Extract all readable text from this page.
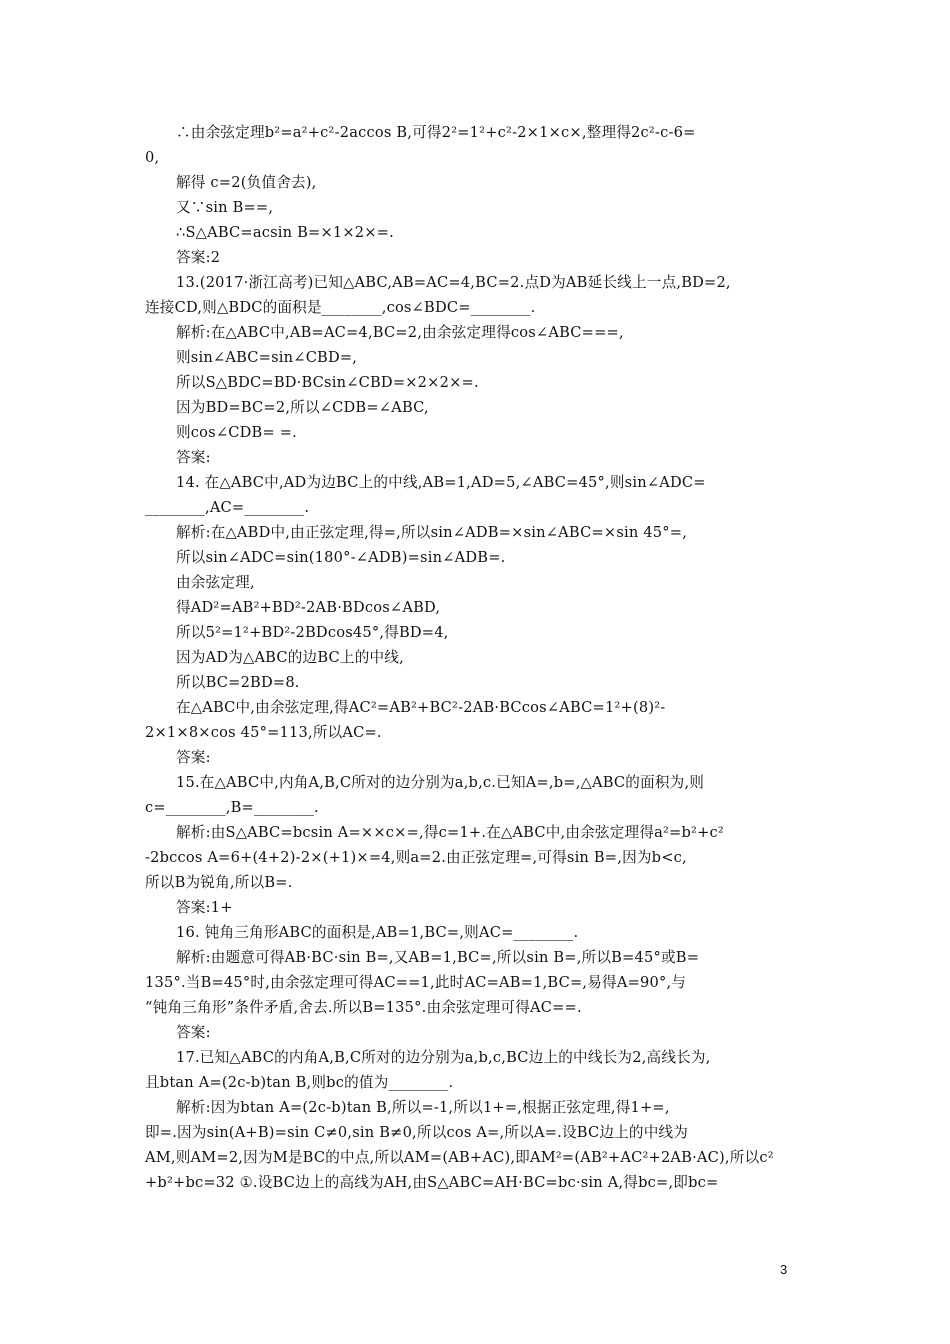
∴由余弦定理b²=a²+c²-2accos B,可得2²=1²+c²-2×1×c×,整理得2c²-c-6=
0,
解得 c=2(负值舍去),
又∵sin B==,
∴S△ABC=acsin B=×1×2×=.
答案:2
13.(2017·浙江高考)已知△ABC,AB=AC=4,BC=2.点D为AB延长线上一点,BD=2,
连接CD,则△BDC的面积是________,cos∠BDC=________.
解析:在△ABC中,AB=AC=4,BC=2,由余弦定理得cos∠ABC===,
则sin∠ABC=sin∠CBD=,
所以S△BDC=BD·BCsin∠CBD=×2×2×=.
因为BD=BC=2,所以∠CDB=∠ABC,
则cos∠CDB= =.
答案:
14. 在△ABC中,AD为边BC上的中线,AB=1,AD=5,∠ABC=45°,则sin∠ADC=
________,AC=________.
解析:在△ABD中,由正弦定理,得=,所以sin∠ADB=×sin∠ABC=×sin 45°=,
所以sin∠ADC=sin(180°-∠ADB)=sin∠ADB=.
由余弦定理,
得AD²=AB²+BD²-2AB·BDcos∠ABD,
所以5²=1²+BD²-2BDcos45°,得BD=4,
因为AD为△ABC的边BC上的中线,
所以BC=2BD=8.
在△ABC中,由余弦定理,得AC²=AB²+BC²-2AB·BCcos∠ABC=1²+(8)²-
2×1×8×cos 45°=113,所以AC=.
答案:
15.在△ABC中,内角A,B,C所对的边分别为a,b,c.已知A=,b=,△ABC的面积为,则
c=________,B=________.
解析:由S△ABC=bcsin A=××c×=,得c=1+.在△ABC中,由余弦定理得a²=b²+c²
-2bccos A=6+(4+2)-2×(+1)×=4,则a=2.由正弦定理=,可得sin B=,因为b<c,
所以B为锐角,所以B=.
答案:1+
16. 钝角三角形ABC的面积是,AB=1,BC=,则AC=________.
解析:由题意可得AB·BC·sin B=,又AB=1,BC=,所以sin B=,所以B=45°或B=
135°.当B=45°时,由余弦定理可得AC==1,此时AC=AB=1,BC=,易得A=90°,与
“钝角三角形”条件矛盾,舍去.所以B=135°.由余弦定理可得AC==.
答案:
17.已知△ABC的内角A,B,C所对的边分别为a,b,c,BC边上的中线长为2,高线长为,
且btan A=(2c-b)tan B,则bc的值为________.
解析:因为btan A=(2c-b)tan B,所以=-1,所以1+=,根据正弦定理,得1+=,
即=.因为sin(A+B)=sin C≠0,sin B≠0,所以cos A=,所以A=.设BC边上的中线为
AM,则AM=2,因为M是BC的中点,所以AM=(AB+AC),即AM²=(AB²+AC²+2AB·AC),所以c²
+b²+bc=32 ①.设BC边上的高线为AH,由S△ABC=AH·BC=bc·sin A,得bc=,即bc=
3
